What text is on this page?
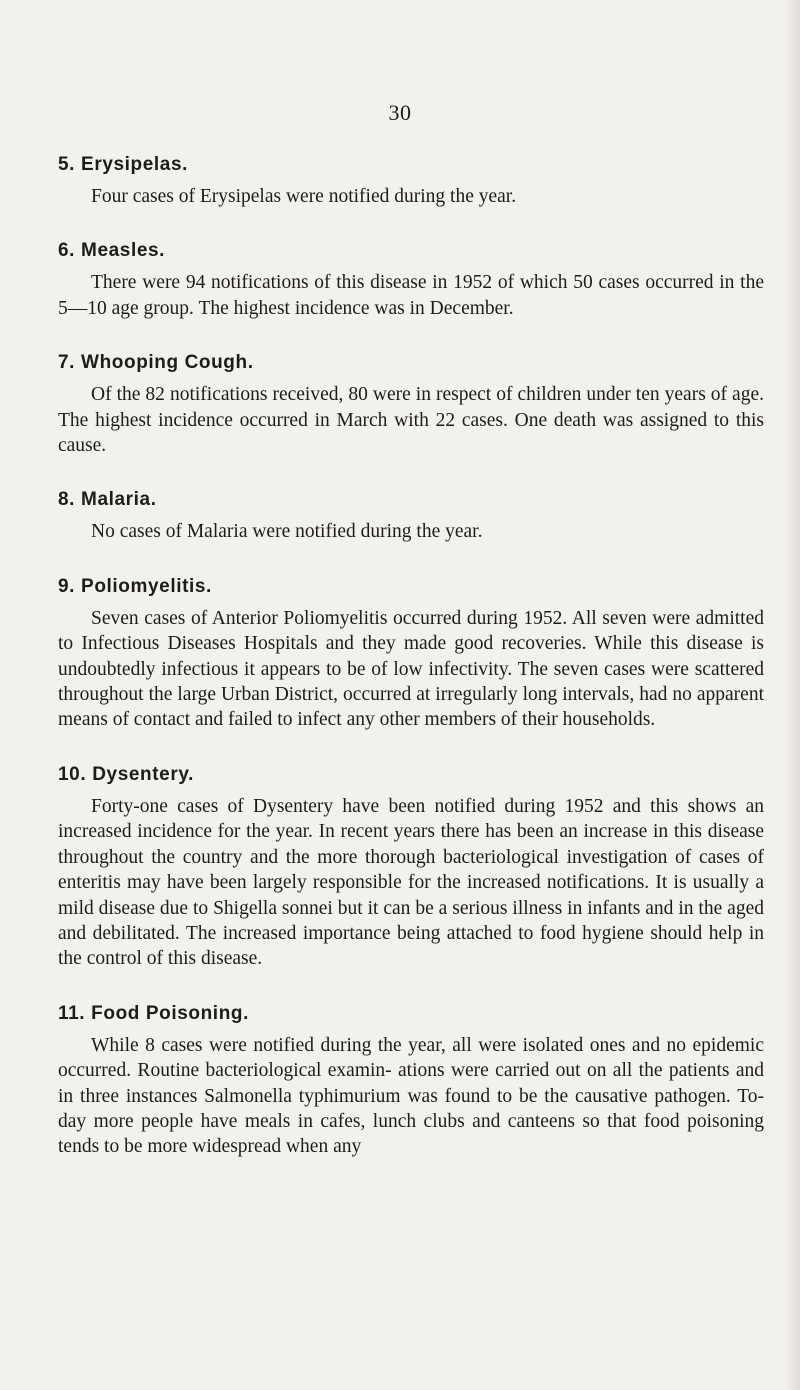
30
5. Erysipelas.

Four cases of Erysipelas were notified during the year.

6. Measles.

There were 94 notifications of this disease in 1952 of which 50 cases occurred in the 5—10 age group. The highest incidence was in December.

7. Whooping Cough.

Of the 82 notifications received, 80 were in respect of children under ten years of age. The highest incidence occurred in March with 22 cases. One death was assigned to this cause.

8. Malaria.

No cases of Malaria were notified during the year.

9. Poliomyelitis.

Seven cases of Anterior Poliomyelitis occurred during 1952. All seven were admitted to Infectious Diseases Hospitals and they made good recoveries. While this disease is undoubtedly infectious it appears to be of low infectivity. The seven cases were scattered throughout the large Urban District, occurred at irregularly long intervals, had no apparent means of contact and failed to infect any other members of their households.

10. Dysentery.

Forty-one cases of Dysentery have been notified during 1952 and this shows an increased incidence for the year. In recent years there has been an increase in this disease throughout the country and the more thorough bacteriological investigation of cases of enteritis may have been largely responsible for the increased notifications. It is usually a mild disease due to Shigella sonnei but it can be a serious illness in infants and in the aged and debilitated. The increased importance being attached to food hygiene should help in the control of this disease.

11. Food Poisoning.

While 8 cases were notified during the year, all were isolated ones and no epidemic occurred. Routine bacteriological examin- ations were carried out on all the patients and in three instances Salmonella typhimurium was found to be the causative pathogen. To-day more people have meals in cafes, lunch clubs and canteens so that food poisoning tends to be more widespread when any
